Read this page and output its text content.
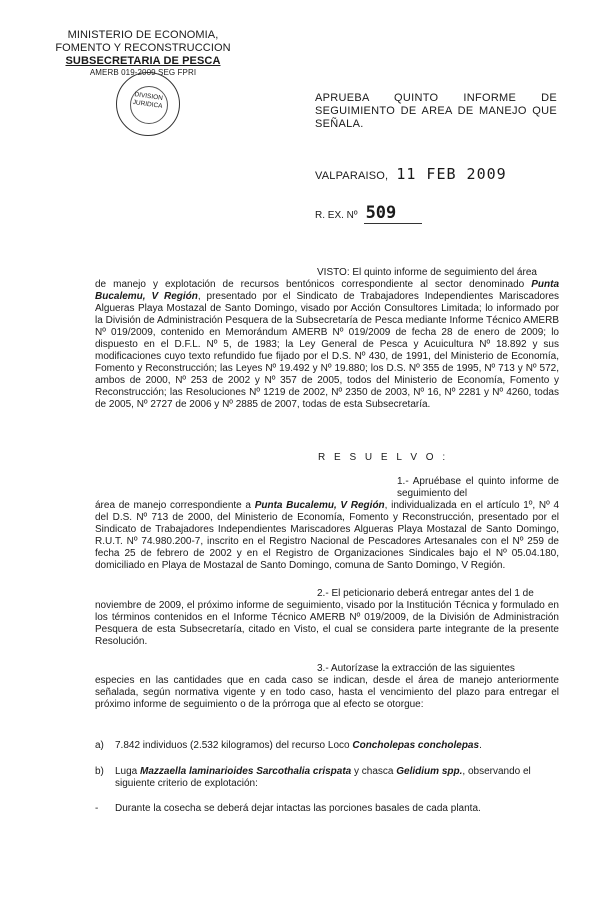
MINISTERIO DE ECONOMIA,
FOMENTO Y RECONSTRUCCION
SUBSECRETARIA DE PESCA
AMERB 019-2009 SEG FPRI
DIVISION
JURIDICA
APRUEBA QUINTO INFORME DE
SEGUIMIENTO DE AREA DE MANEJO QUE
SEÑALA.
VALPARAISO, 11 FEB 2009
R. EX. Nº 509
VISTO: El quinto informe de seguimiento del área
de manejo y explotación de recursos bentónicos correspondiente al sector denominado Punta Bucalemu, V Región, presentado por el Sindicato de Trabajadores Independientes Mariscadores Algueras Playa Mostazal de Santo Domingo, visado por Acción Consultores Limitada; lo informado por la División de Administración Pesquera de la Subsecretaría de Pesca mediante Informe Técnico AMERB Nº 019/2009, contenido en Memorándum AMERB Nº 019/2009 de fecha 28 de enero de 2009; lo dispuesto en el D.F.L. Nº 5, de 1983; la Ley General de Pesca y Acuicultura Nº 18.892 y sus modificaciones cuyo texto refundido fue fijado por el D.S. Nº 430, de 1991, del Ministerio de Economía, Fomento y Reconstrucción; las Leyes Nº 19.492 y Nº 19.880; los D.S. Nº 355 de 1995, Nº 713 y Nº 572, ambos de 2000, Nº 253 de 2002 y Nº 357 de 2005, todos del Ministerio de Economía, Fomento y Reconstrucción; las Resoluciones Nº 1219 de 2002, Nº 2350 de 2003, Nº 16, Nº 2281 y Nº 4260, todas de 2005, Nº 2727 de 2006 y Nº 2885 de 2007, todas de esta Subsecretaría.
R E S U E L V O :
1.- Apruébase el quinto informe de seguimiento del
área de manejo correspondiente a Punta Bucalemu, V Región, individualizada en el artículo 1º, Nº 4 del D.S. Nº 713 de 2000, del Ministerio de Economía, Fomento y Reconstrucción, presentado por el Sindicato de Trabajadores Independientes Mariscadores Algueras Playa Mostazal de Santo Domingo, R.U.T. Nº 74.980.200-7, inscrito en el Registro Nacional de Pescadores Artesanales con el Nº 259 de fecha 25 de febrero de 2002 y en el Registro de Organizaciones Sindicales bajo el Nº 05.04.180, domiciliado en Playa de Mostazal de Santo Domingo, comuna de Santo Domingo, V Región.
2.- El peticionario deberá entregar antes del 1 de
noviembre de 2009, el próximo informe de seguimiento, visado por la Institución Técnica y formulado en los términos contenidos en el Informe Técnico AMERB Nº 019/2009, de la División de Administración Pesquera de esta Subsecretaría, citado en Visto, el cual se considera parte integrante de la presente Resolución.
3.- Autorízase la extracción de las siguientes
especies en las cantidades que en cada caso se indican, desde el área de manejo anteriormente señalada, según normativa vigente y en todo caso, hasta el vencimiento del plazo para entregar el próximo informe de seguimiento o de la prórroga que al efecto se otorgue:
a) 7.842 individuos (2.532 kilogramos) del recurso Loco Concholepas concholepas.
b)	Luga Mazzaella laminarioides Sarcothalia crispata y chasca Gelidium spp., observando el siguiente criterio de explotación:
- Durante la cosecha se deberá dejar intactas las porciones basales de cada planta.
